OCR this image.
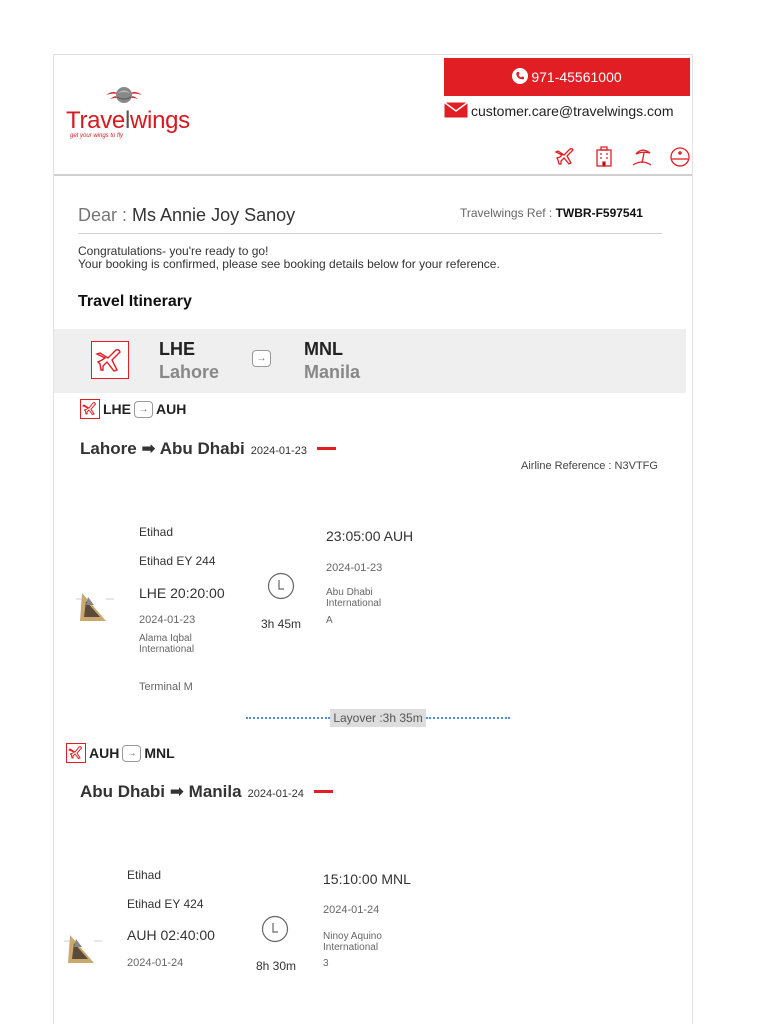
Travelwings
get your wings to fly
971-45561000
customer.care@travelwings.com
Dear : Ms Annie Joy Sanoy	Travelwings Ref : TWBR-F597541
Congratulations- you're ready to go!
Your booking is confirmed, please see booking details below for your reference.
Travel Itinerary
LHE
Lahore
→ MNL
Manila
LHE → AUH
Lahore ➡ Abu Dhabi 2024-01-23
Airline Reference : N3VTFG
Etihad
Etihad EY 244
LHE 20:20:00
2024-01-23
Alama Iqbal International
Terminal M
3h 45m
23:05:00 AUH
2024-01-23
Abu Dhabi International
A
Layover :3h 35m
AUH → MNL
Abu Dhabi ➡ Manila 2024-01-24
Etihad
Etihad EY 424
AUH 02:40:00
2024-01-24	8h 30m
15:10:00 MNL
2024-01-24
Ninoy Aquino International
3
